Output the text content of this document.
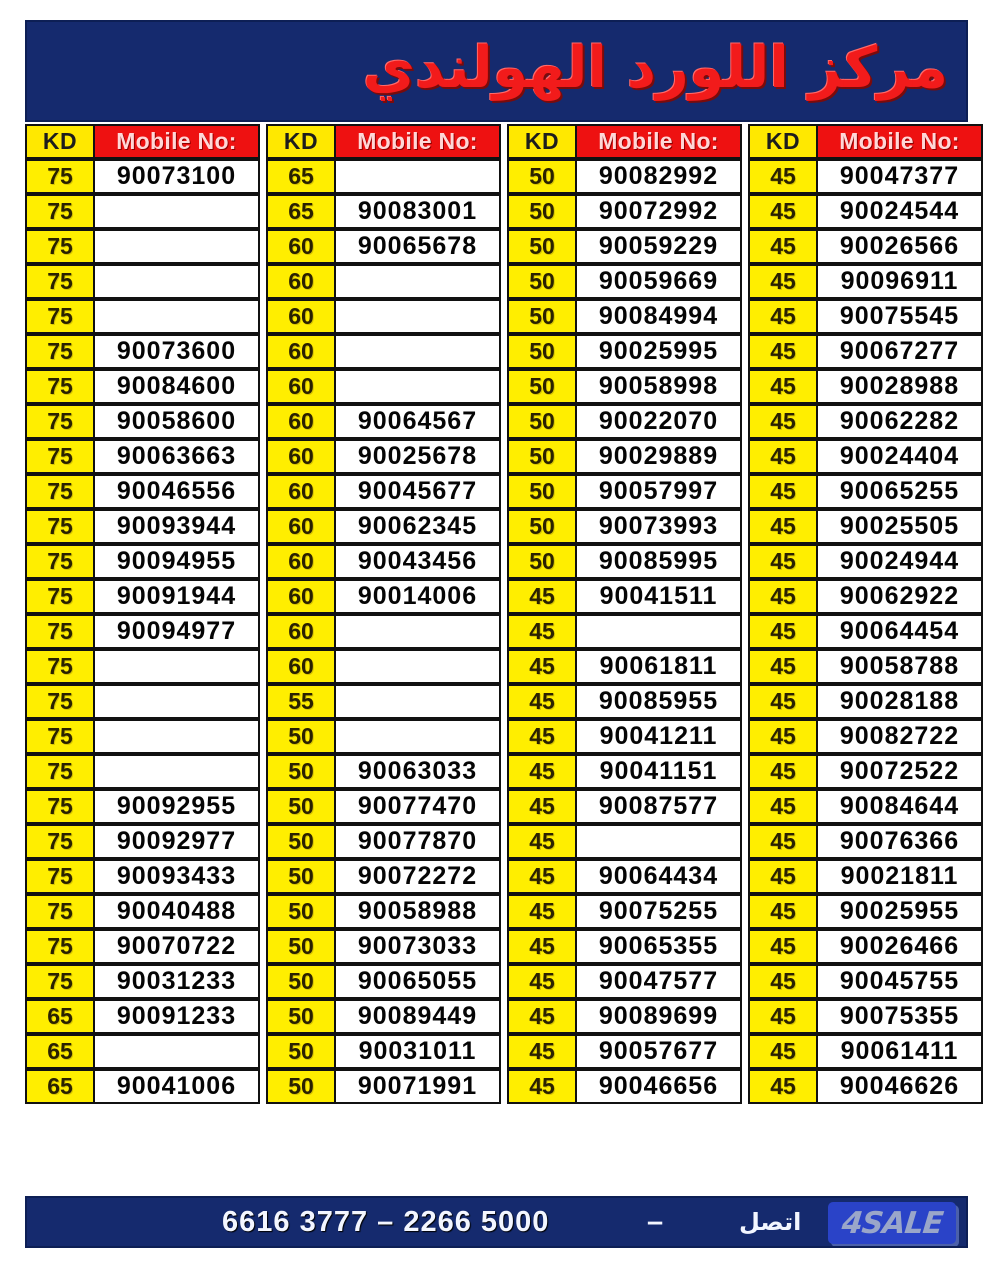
مركز اللورد الهولندي
KD	Mobile No:		KD	Mobile No:		KD	Mobile No:		KD	Mobile No:

75	90073100		65			50	90082992		45	90047377

75			65	90083001		50	90072992		45	90024544

75			60	90065678		50	90059229		45	90026566

75			60			50	90059669		45	90096911

75			60			50	90084994		45	90075545

75	90073600		60			50	90025995		45	90067277

75	90084600		60			50	90058998		45	90028988

75	90058600		60	90064567		50	90022070		45	90062282

75	90063663		60	90025678		50	90029889		45	90024404

75	90046556		60	90045677		50	90057997		45	90065255

75	90093944		60	90062345		50	90073993		45	90025505

75	90094955		60	90043456		50	90085995		45	90024944

75	90091944		60	90014006		45	90041511		45	90062922

75	90094977		60			45			45	90064454

75			60			45	90061811		45	90058788

75			55			45	90085955		45	90028188

75			50			45	90041211		45	90082722

75			50	90063033		45	90041151		45	90072522

75	90092955		50	90077470		45	90087577		45	90084644

75	90092977		50	90077870		45			45	90076366

75	90093433		50	90072272		45	90064434		45	90021811

75	90040488		50	90058988		45	90075255		45	90025955

75	90070722		50	90073033		45	90065355		45	90026466

75	90031233		50	90065055		45	90047577		45	90045755

65	90091233		50	90089449		45	90089699		45	90075355

65			50	90031011		45	90057677		45	90061411

65	90041006		50	90071991		45	90046656		45	90046626
6616 3777 – 2266 5000	–	اتصل 4SALE
